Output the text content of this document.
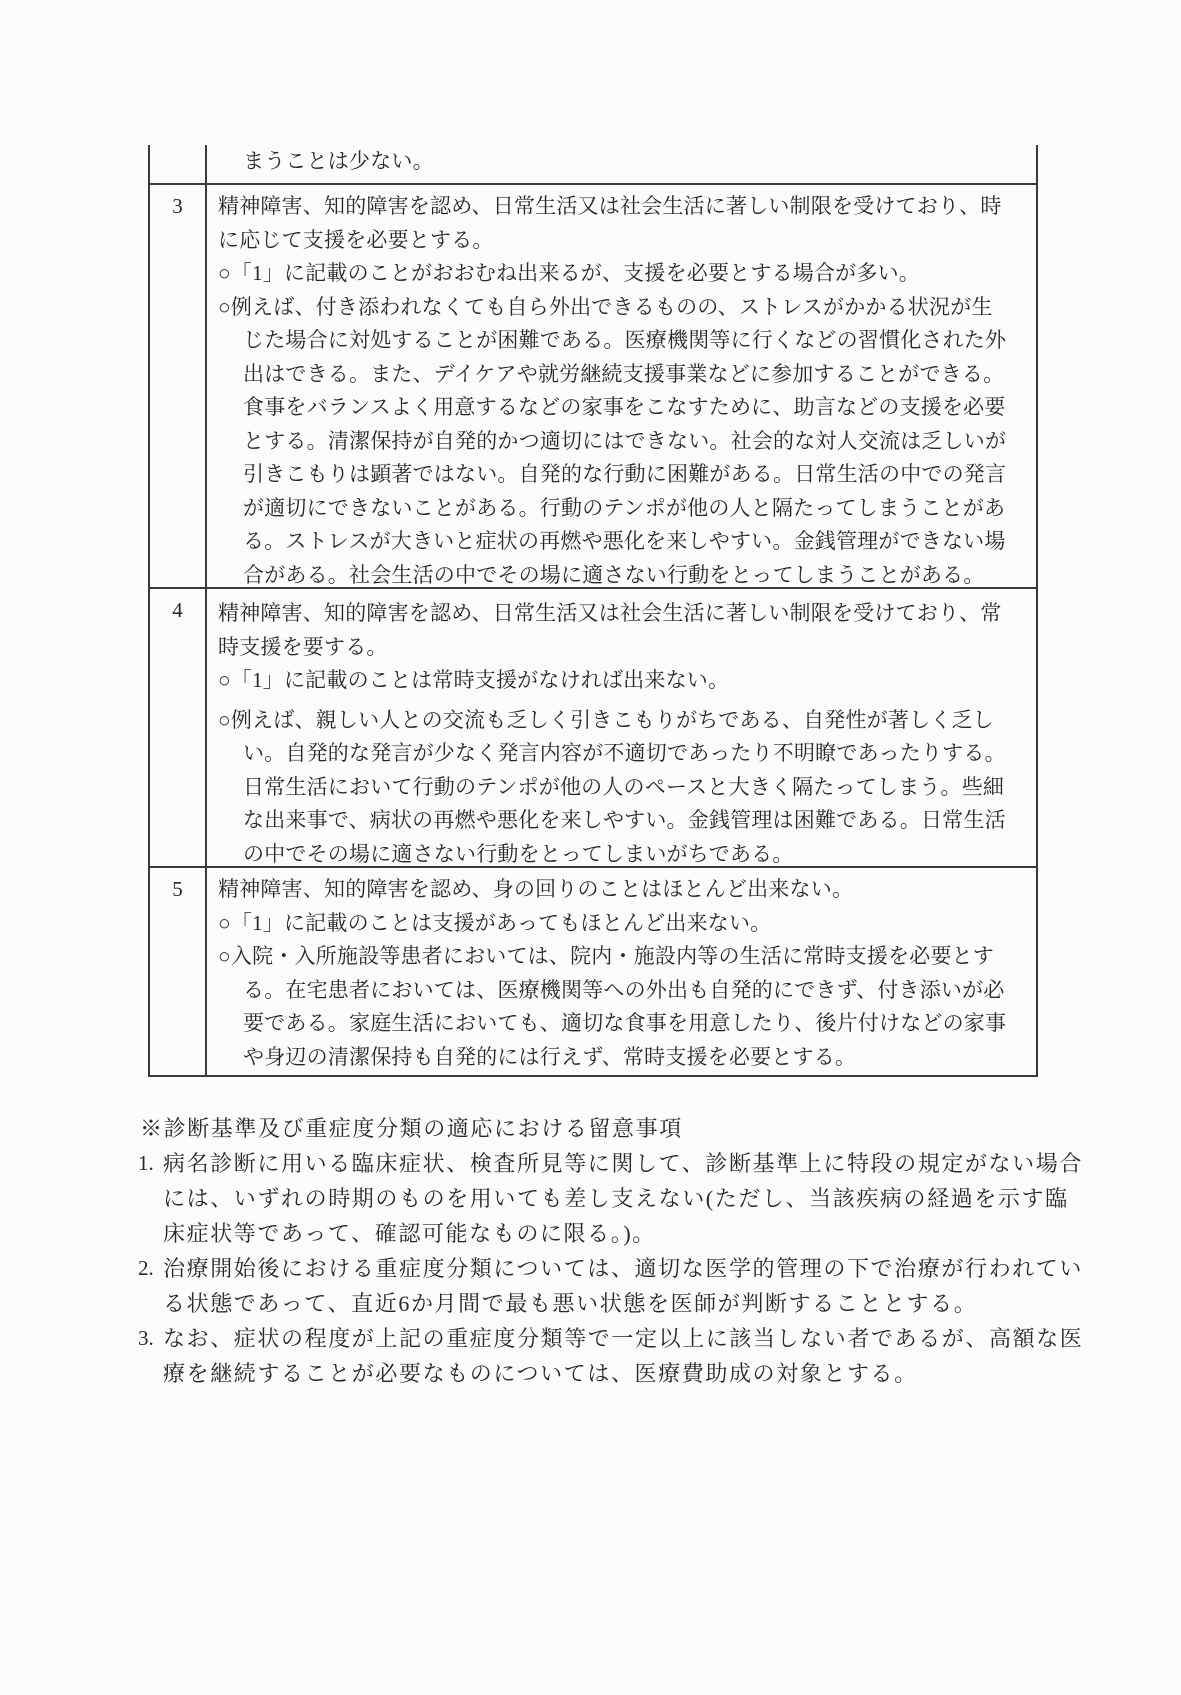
まうことは少ない。
3	精神障害、知的障害を認め、日常生活又は社会生活に著しい制限を受けており、時
に応じて支援を必要とする。
○「1」に記載のことがおおむね出来るが、支援を必要とする場合が多い。
○例えば、付き添われなくても自ら外出できるものの、ストレスがかかる状況が生
じた場合に対処することが困難である。医療機関等に行くなどの習慣化された外
出はできる。また、デイケアや就労継続支援事業などに参加することができる。
食事をバランスよく用意するなどの家事をこなすために、助言などの支援を必要
とする。清潔保持が自発的かつ適切にはできない。社会的な対人交流は乏しいが
引きこもりは顕著ではない。自発的な行動に困難がある。日常生活の中での発言
が適切にできないことがある。行動のテンポが他の人と隔たってしまうことがあ
る。ストレスが大きいと症状の再燃や悪化を来しやすい。金銭管理ができない場
合がある。社会生活の中でその場に適さない行動をとってしまうことがある。
4	精神障害、知的障害を認め、日常生活又は社会生活に著しい制限を受けており、常
時支援を要する。
○「1」に記載のことは常時支援がなければ出来ない。
○例えば、親しい人との交流も乏しく引きこもりがちである、自発性が著しく乏し
い。自発的な発言が少なく発言内容が不適切であったり不明瞭であったりする。
日常生活において行動のテンポが他の人のペースと大きく隔たってしまう。些細
な出来事で、病状の再燃や悪化を来しやすい。金銭管理は困難である。日常生活
の中でその場に適さない行動をとってしまいがちである。
5	精神障害、知的障害を認め、身の回りのことはほとんど出来ない。
○「1」に記載のことは支援があってもほとんど出来ない。
○入院・入所施設等患者においては、院内・施設内等の生活に常時支援を必要とす
る。在宅患者においては、医療機関等への外出も自発的にできず、付き添いが必
要である。家庭生活においても、適切な食事を用意したり、後片付けなどの家事
や身辺の清潔保持も自発的には行えず、常時支援を必要とする。
※診断基準及び重症度分類の適応における留意事項
1. 病名診断に用いる臨床症状、検査所見等に関して、診断基準上に特段の規定がない場合
には、いずれの時期のものを用いても差し支えない(ただし、当該疾病の経過を示す臨
床症状等であって、確認可能なものに限る。)。
2. 治療開始後における重症度分類については、適切な医学的管理の下で治療が行われてい
る状態であって、直近6か月間で最も悪い状態を医師が判断することとする。
3. なお、症状の程度が上記の重症度分類等で一定以上に該当しない者であるが、高額な医
療を継続することが必要なものについては、医療費助成の対象とする。
